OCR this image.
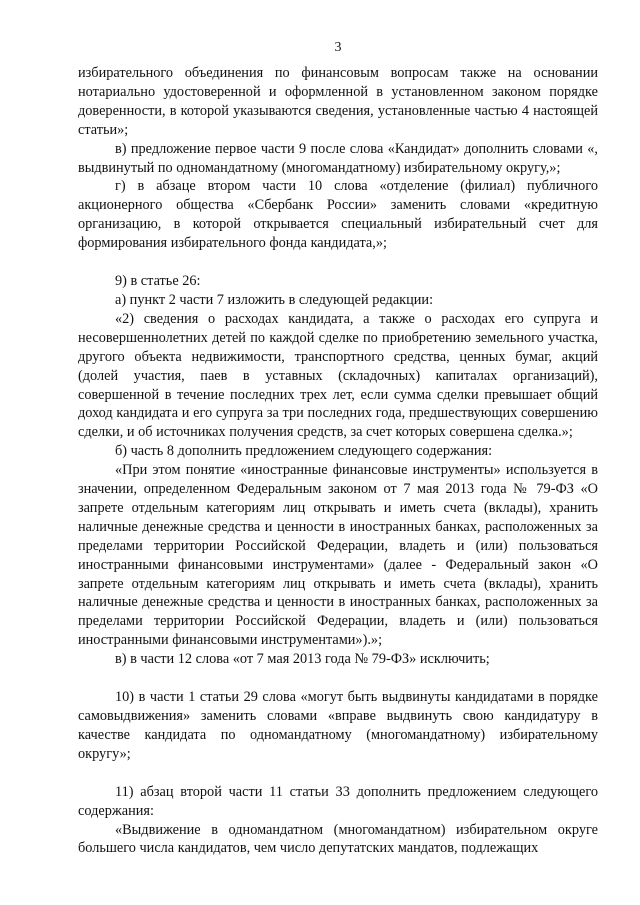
3

избирательного объединения по финансовым вопросам также на основании нотариально удостоверенной и оформленной в установленном законом порядке доверенности, в которой указываются сведения, установленные частью 4 настоящей статьи»;

в) предложение первое части 9 после слова «Кандидат» дополнить словами «, выдвинутый по одномандатному (многомандатному) избирательному округу,»;

г) в абзаце втором части 10 слова «отделение (филиал) публичного акционерного общества «Сбербанк России» заменить словами «кредитную организацию, в которой открывается специальный избирательный счет для формирования избирательного фонда кандидата,»;

9) в статье 26:

а) пункт 2 части 7 изложить в следующей редакции:

«2) сведения о расходах кандидата, а также о расходах его супруга и несовершеннолетних детей по каждой сделке по приобретению земельного участка, другого объекта недвижимости, транспортного средства, ценных бумаг, акций (долей участия, паев в уставных (складочных) капиталах организаций), совершенной в течение последних трех лет, если сумма сделки превышает общий доход кандидата и его супруга за три последних года, предшествующих совершению сделки, и об источниках получения средств, за счет которых совершена сделка.»;

б) часть 8 дополнить предложением следующего содержания:

«При этом понятие «иностранные финансовые инструменты» используется в значении, определенном Федеральным законом от 7 мая 2013 года № 79-ФЗ «О запрете отдельным категориям лиц открывать и иметь счета (вклады), хранить наличные денежные средства и ценности в иностранных банках, расположенных за пределами территории Российской Федерации, владеть и (или) пользоваться иностранными финансовыми инструментами» (далее - Федеральный закон «О запрете отдельным категориям лиц открывать и иметь счета (вклады), хранить наличные денежные средства и ценности в иностранных банках, расположенных за пределами территории Российской Федерации, владеть и (или) пользоваться иностранными финансовыми инструментами»).»;

в) в части 12 слова «от 7 мая 2013 года № 79-ФЗ» исключить;

10) в части 1 статьи 29 слова «могут быть выдвинуты кандидатами в порядке самовыдвижения» заменить словами «вправе выдвинуть свою кандидатуру в качестве кандидата по одномандатному (многомандатному) избирательному округу»;

11) абзац второй части 11 статьи 33 дополнить предложением следующего содержания:

«Выдвижение в одномандатном (многомандатном) избирательном округе большего числа кандидатов, чем число депутатских мандатов, подлежащих
